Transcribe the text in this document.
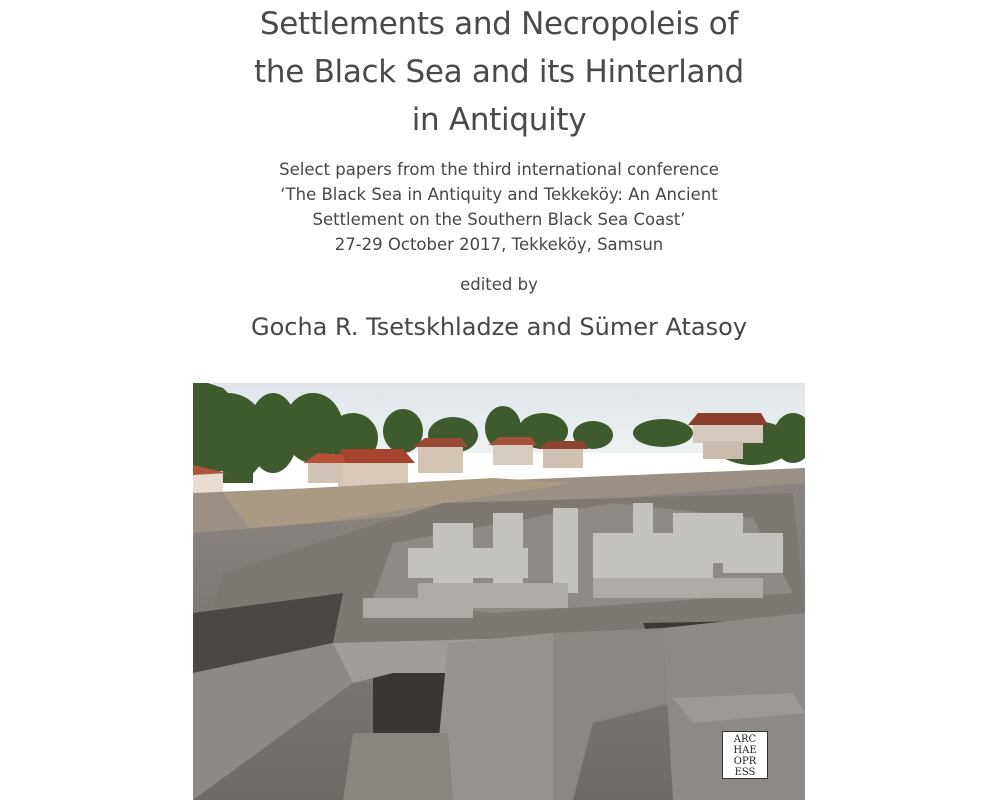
Settlements and Necropoleis of
the Black Sea and its Hinterland
in Antiquity
Select papers from the third international conference
‘The Black Sea in Antiquity and Tekkeköy: An Ancient
Settlement on the Southern Black Sea Coast’
27-29 October 2017, Tekkeköy, Samsun
edited by
Gocha R. Tsetskhladze and Sümer Atasoy
ARC
HAE
OPR
ESS
